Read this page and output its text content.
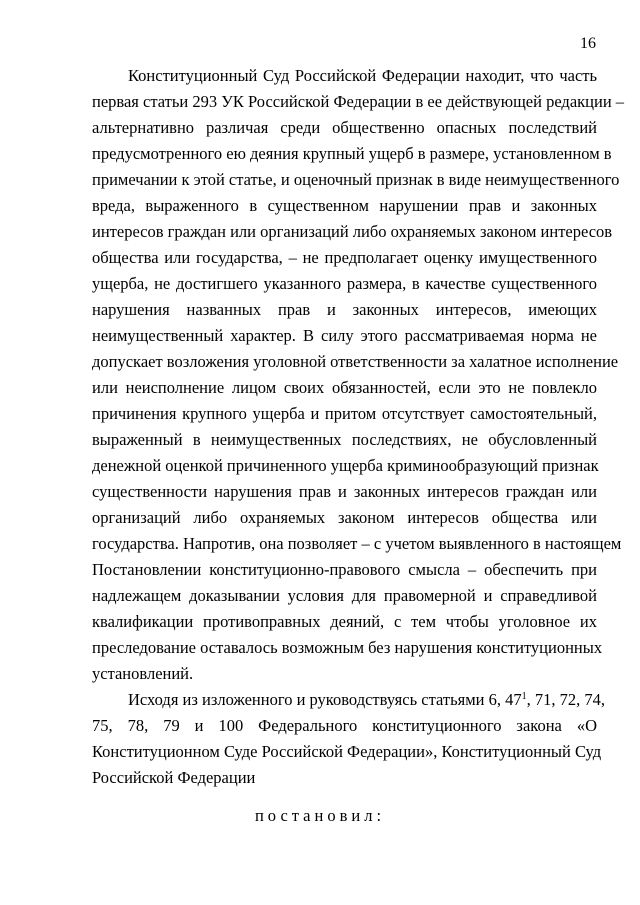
16
Конституционный Суд Российской Федерации находит, что часть
первая статьи 293 УК Российской Федерации в ее действующей редакции –
альтернативно различая среди общественно опасных последствий
предусмотренного ею деяния крупный ущерб в размере, установленном в
примечании к этой статье, и оценочный признак в виде неимущественного
вреда, выраженного в существенном нарушении прав и законных
интересов граждан или организаций либо охраняемых законом интересов
общества или государства, – не предполагает оценку имущественного
ущерба, не достигшего указанного размера, в качестве существенного
нарушения названных прав и законных интересов, имеющих
неимущественный характер. В силу этого рассматриваемая норма не
допускает возложения уголовной ответственности за халатное исполнение
или неисполнение лицом своих обязанностей, если это не повлекло
причинения крупного ущерба и притом отсутствует самостоятельный,
выраженный в неимущественных последствиях, не обусловленный
денежной оценкой причиненного ущерба криминообразующий признак
существенности нарушения прав и законных интересов граждан или
организаций либо охраняемых законом интересов общества или
государства. Напротив, она позволяет – с учетом выявленного в настоящем
Постановлении конституционно-правового смысла – обеспечить при
надлежащем доказывании условия для правомерной и справедливой
квалификации противоправных деяний, с тем чтобы уголовное их
преследование оставалось возможным без нарушения конституционных
установлений.
Исходя из изложенного и руководствуясь статьями 6, $47^1$, 71, 72, 74,
75, 78, 79 и 100 Федерального конституционного закона «О
Конституционном Суде Российской Федерации», Конституционный Суд
Российской Федерации
постановил:
